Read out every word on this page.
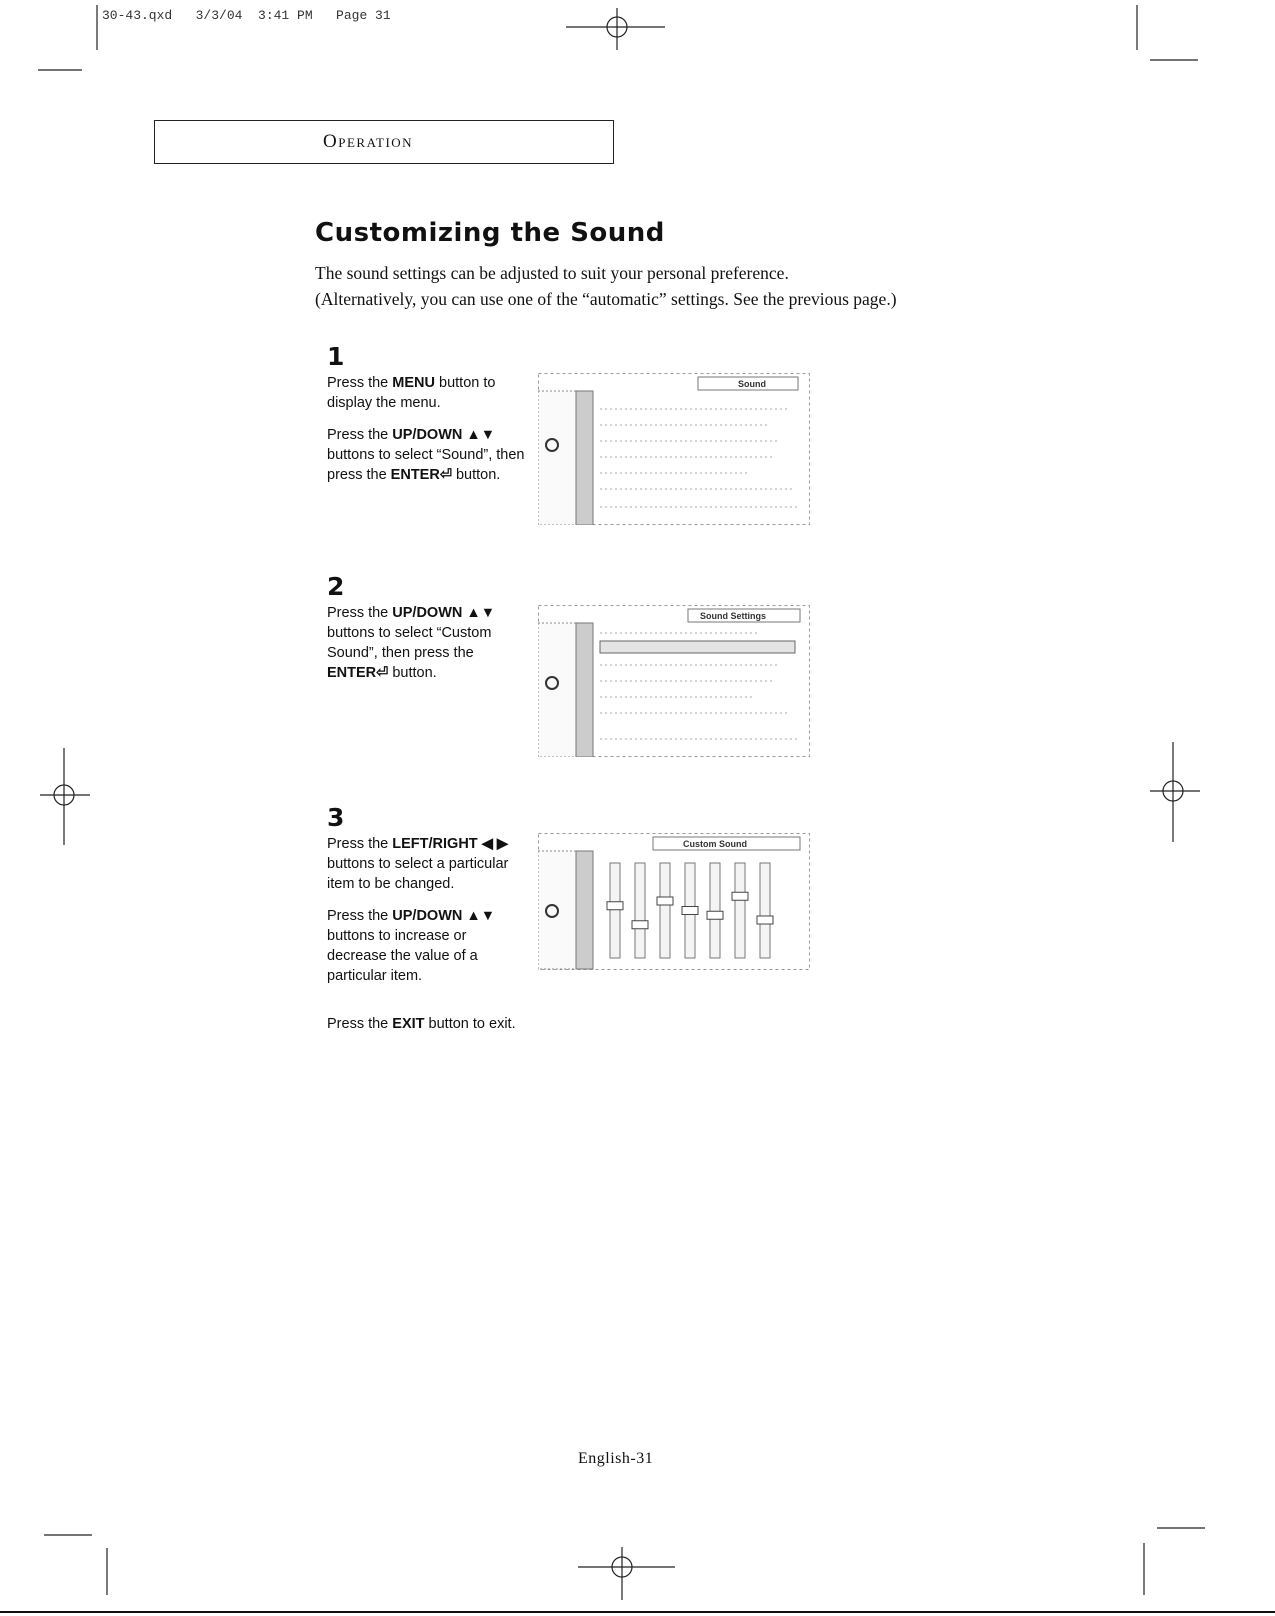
30-43.qxd   3/3/04  3:41 PM   Page 31
Operation
Customizing the Sound
The sound settings can be adjusted to suit your personal preference.
(Alternatively, you can use one of the “automatic” settings. See the previous page.)
1

Press the MENU button to display the menu.

Press the UP/DOWN ▲▼ buttons to select “Sound”, then press the ENTER⏎ button.

Sound
2

Press the UP/DOWN ▲▼ buttons to select “Custom Sound”, then press the ENTER⏎ button.

Sound Settings
3

Press the LEFT/RIGHT ◀ ▶ buttons to select a particular item to be changed.

Press the UP/DOWN ▲▼ buttons to increase or decrease the value of a particular item.

Custom Sound
Press the EXIT button to exit.
English-31
